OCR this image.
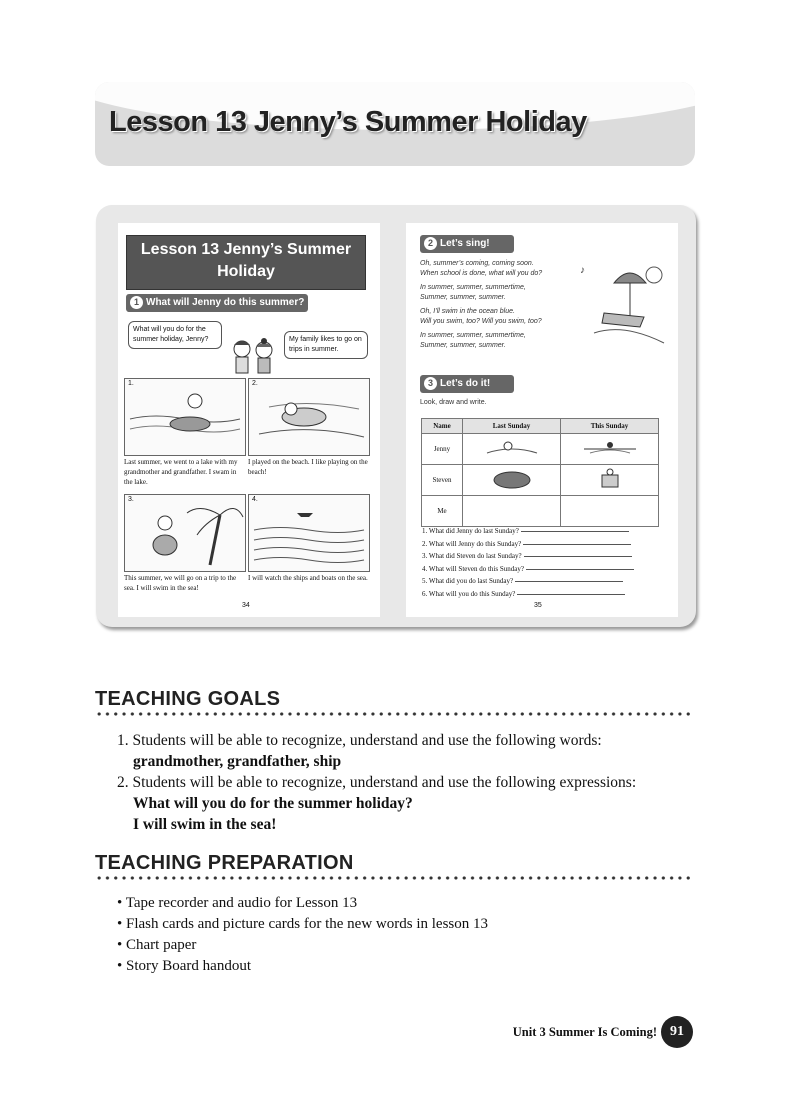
Lesson 13 Jenny’s Summer Holiday
Lesson 13 Jenny’s Summer
Holiday
1 What will Jenny do this summer?
What will you do for the summer holiday, Jenny?	My family likes to go on trips in summer.
1.	2.
Last summer, we went to a lake with my grandmother and grandfather. I swam in the lake.
I played on the beach. I like playing on the beach!
3.	4.
This summer, we will go on a trip to the sea. I will swim in the sea!
I will watch the ships and boats on the sea.
34
2 Let’s sing!
Oh, summer’s coming, coming soon.
When school is done, what will you do?
In summer, summer, summertime,
Summer, summer, summer.
Oh, I’ll swim in the ocean blue.
Will you swim, too? Will you swim, too?
In summer, summer, summertime,
Summer, summer, summer.
♪
3 Let’s do it!
Look, draw and write.
Name	Last Sunday	This Sunday
Jenny		
Steven		
Me		
1. What did Jenny do last Sunday?
2. What will Jenny do this Sunday?
3. What did Steven do last Sunday?
4. What will Steven do this Sunday?
5. What did you do last Sunday?
6. What will you do this Sunday?
35
TEACHING GOALS
1. Students will be able to recognize, understand and use the following words:
grandmother, grandfather, ship
2. Students will be able to recognize, understand and use the following expressions:
What will you do for the summer holiday?
I will swim in the sea!
TEACHING PREPARATION
• Tape recorder and audio for Lesson 13
• Flash cards and picture cards for the new words in lesson 13
• Chart paper
• Story Board handout
Unit 3 Summer Is Coming! 91
